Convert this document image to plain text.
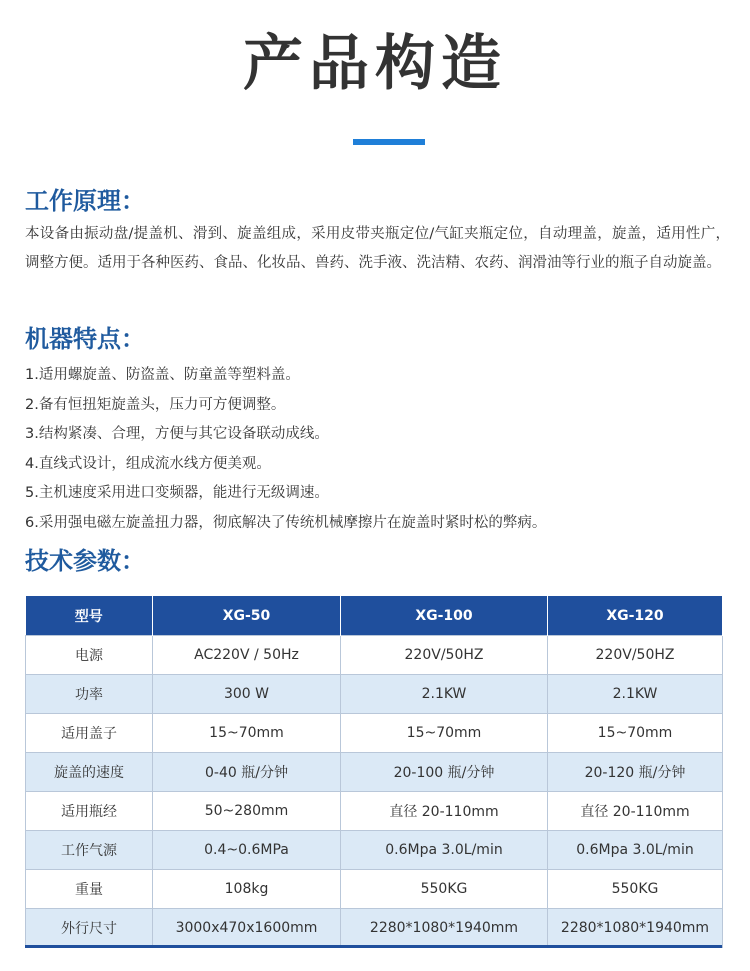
产品构造
工作原理：
本设备由振动盘/提盖机、滑到、旋盖组成，采用皮带夹瓶定位/气缸夹瓶定位，自动理盖，旋盖，适用性广，调整方便。适用于各种医药、食品、化妆品、兽药、洗手液、洗洁精、农药、润滑油等行业的瓶子自动旋盖。
机器特点：
1.适用螺旋盖、防盗盖、防童盖等塑料盖。
2.备有恒扭矩旋盖头，压力可方便调整。
3.结构紧凑、合理，方便与其它设备联动成线。
4.直线式设计，组成流水线方便美观。
5.主机速度采用进口变频器，能进行无级调速。
6.采用强电磁左旋盖扭力器，彻底解决了传统机械摩擦片在旋盖时紧时松的弊病。
技术参数：
型号	XG-50	XG-100	XG-120
电源	AC220V / 50Hz	220V/50HZ	220V/50HZ
功率	300 W	2.1KW	2.1KW
适用盖子	15~70mm	15~70mm	15~70mm
旋盖的速度	0-40 瓶/分钟	20-100 瓶/分钟	20-120 瓶/分钟
适用瓶经	50~280mm	直径 20-110mm	直径 20-110mm
工作气源	0.4~0.6MPa	0.6Mpa 3.0L/min	0.6Mpa 3.0L/min
重量	108kg	550KG	550KG
外行尺寸	3000x470x1600mm	2280*1080*1940mm	2280*1080*1940mm
